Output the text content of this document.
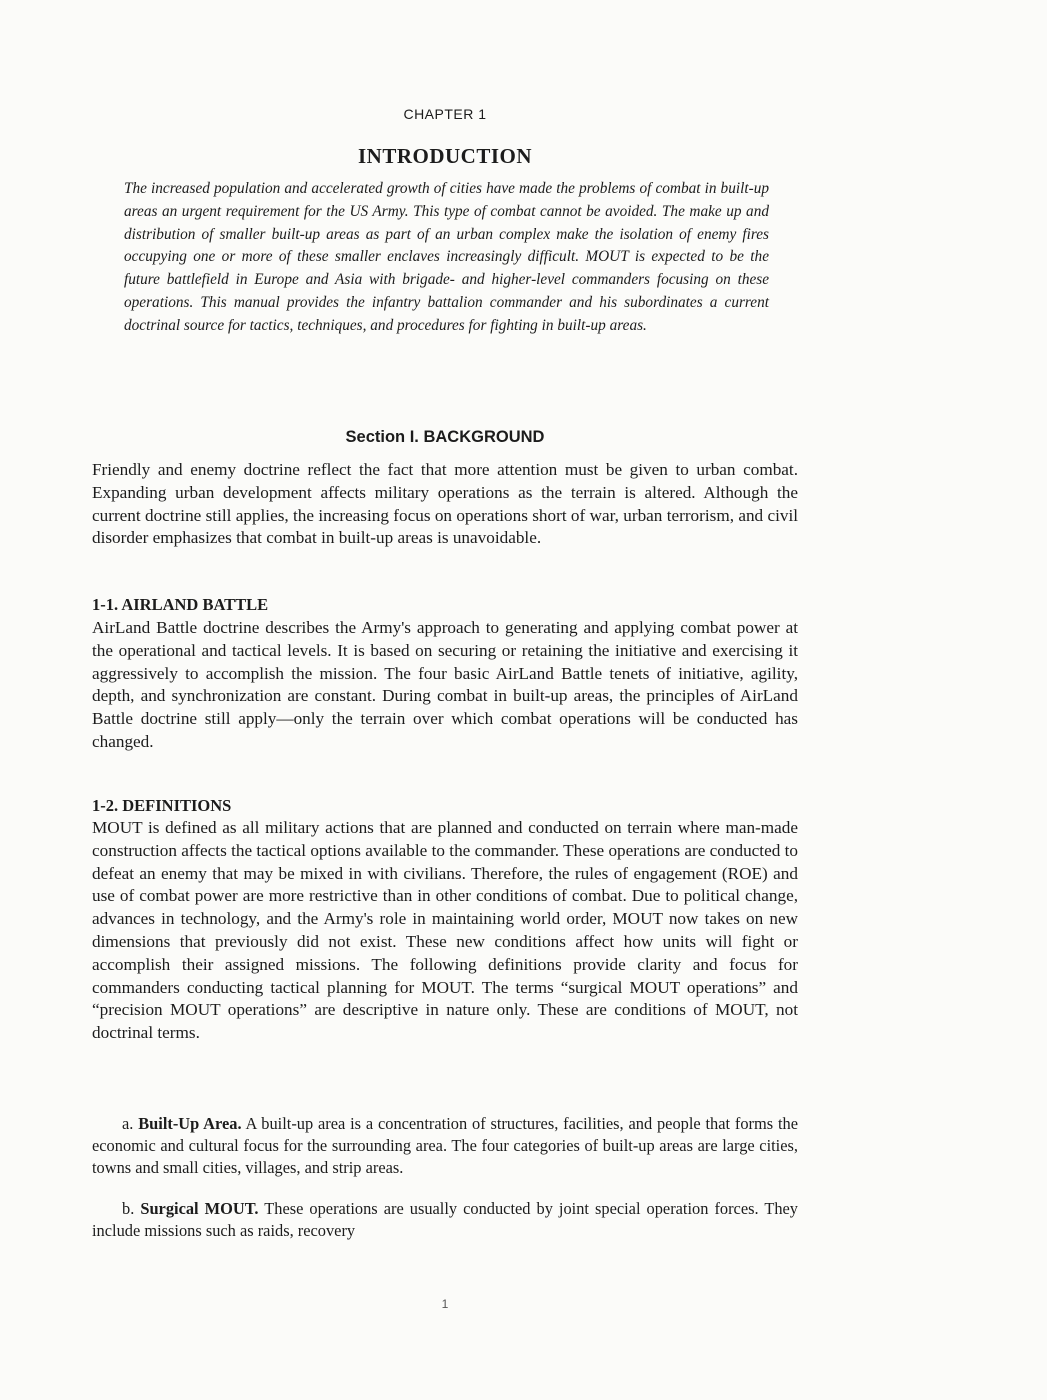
CHAPTER 1
INTRODUCTION
The increased population and accelerated growth of cities have made the problems of combat in built-up areas an urgent requirement for the US Army. This type of combat cannot be avoided. The make up and distribution of smaller built-up areas as part of an urban complex make the isolation of enemy fires occupying one or more of these smaller enclaves increasingly difficult. MOUT is expected to be the future battlefield in Europe and Asia with brigade- and higher-level commanders focusing on these operations. This manual provides the infantry battalion commander and his subordinates a current doctrinal source for tactics, techniques, and procedures for fighting in built-up areas.
Section I. BACKGROUND
Friendly and enemy doctrine reflect the fact that more attention must be given to urban combat. Expanding urban development affects military operations as the terrain is altered. Although the current doctrine still applies, the increasing focus on operations short of war, urban terrorism, and civil disorder emphasizes that combat in built-up areas is unavoidable.
1-1. AIRLAND BATTLE
AirLand Battle doctrine describes the Army's approach to generating and applying combat power at the operational and tactical levels. It is based on securing or retaining the initiative and exercising it aggressively to accomplish the mission. The four basic AirLand Battle tenets of initiative, agility, depth, and synchronization are constant. During combat in built-up areas, the principles of AirLand Battle doctrine still apply—only the terrain over which combat operations will be conducted has changed.
1-2. DEFINITIONS
MOUT is defined as all military actions that are planned and conducted on terrain where man-made construction affects the tactical options available to the commander. These operations are conducted to defeat an enemy that may be mixed in with civilians. Therefore, the rules of engagement (ROE) and use of combat power are more restrictive than in other conditions of combat. Due to political change, advances in technology, and the Army's role in maintaining world order, MOUT now takes on new dimensions that previously did not exist. These new conditions affect how units will fight or accomplish their assigned missions. The following definitions provide clarity and focus for commanders conducting tactical planning for MOUT. The terms “surgical MOUT operations” and “precision MOUT operations” are descriptive in nature only. These are conditions of MOUT, not doctrinal terms.
a. Built-Up Area. A built-up area is a concentration of structures, facilities, and people that forms the economic and cultural focus for the surrounding area. The four categories of built-up areas are large cities, towns and small cities, villages, and strip areas.
b. Surgical MOUT. These operations are usually conducted by joint special operation forces. They include missions such as raids, recovery
1
